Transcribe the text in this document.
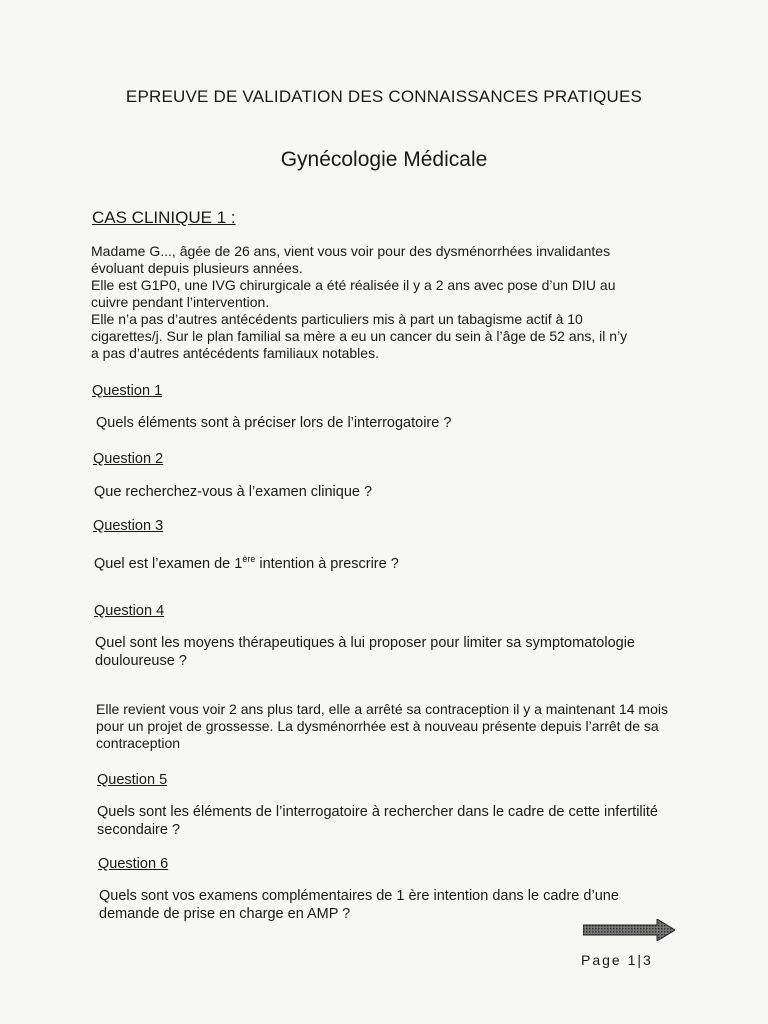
EPREUVE DE VALIDATION DES CONNAISSANCES PRATIQUES

Gynécologie Médicale

CAS CLINIQUE 1 :

Madame G..., âgée de 26 ans, vient vous voir pour des dysménorrhées invalidantes
évoluant depuis plusieurs années.
Elle est G1P0, une IVG chirurgicale a été réalisée il y a 2 ans avec pose d’un DIU au
cuivre pendant l’intervention.
Elle n’a pas d’autres antécédents particuliers mis à part un tabagisme actif à 10
cigarettes/j. Sur le plan familial sa mère a eu un cancer du sein à l’âge de 52 ans, il n’y
a pas d’autres antécédents familiaux notables.

Question 1

Quels éléments sont à préciser lors de l’interrogatoire ?

Question 2

Que recherchez-vous à l’examen clinique ?

Question 3

Quel est l’examen de 1ère intention à prescrire ?

Question 4

Quel sont les moyens thérapeutiques à lui proposer pour limiter sa symptomatologie douloureuse ?

Elle revient vous voir 2 ans plus tard, elle a arrêté sa contraception il y a maintenant 14 mois pour un projet de grossesse. La dysménorrhée est à nouveau présente depuis l’arrêt de sa contraception

Question 5

Quels sont les éléments de l’interrogatoire à rechercher dans le cadre de cette infertilité secondaire ?

Question 6

Quels sont vos examens complémentaires de 1 ère intention dans le cadre d’une demande de prise en charge en AMP ?

Page 1|3
